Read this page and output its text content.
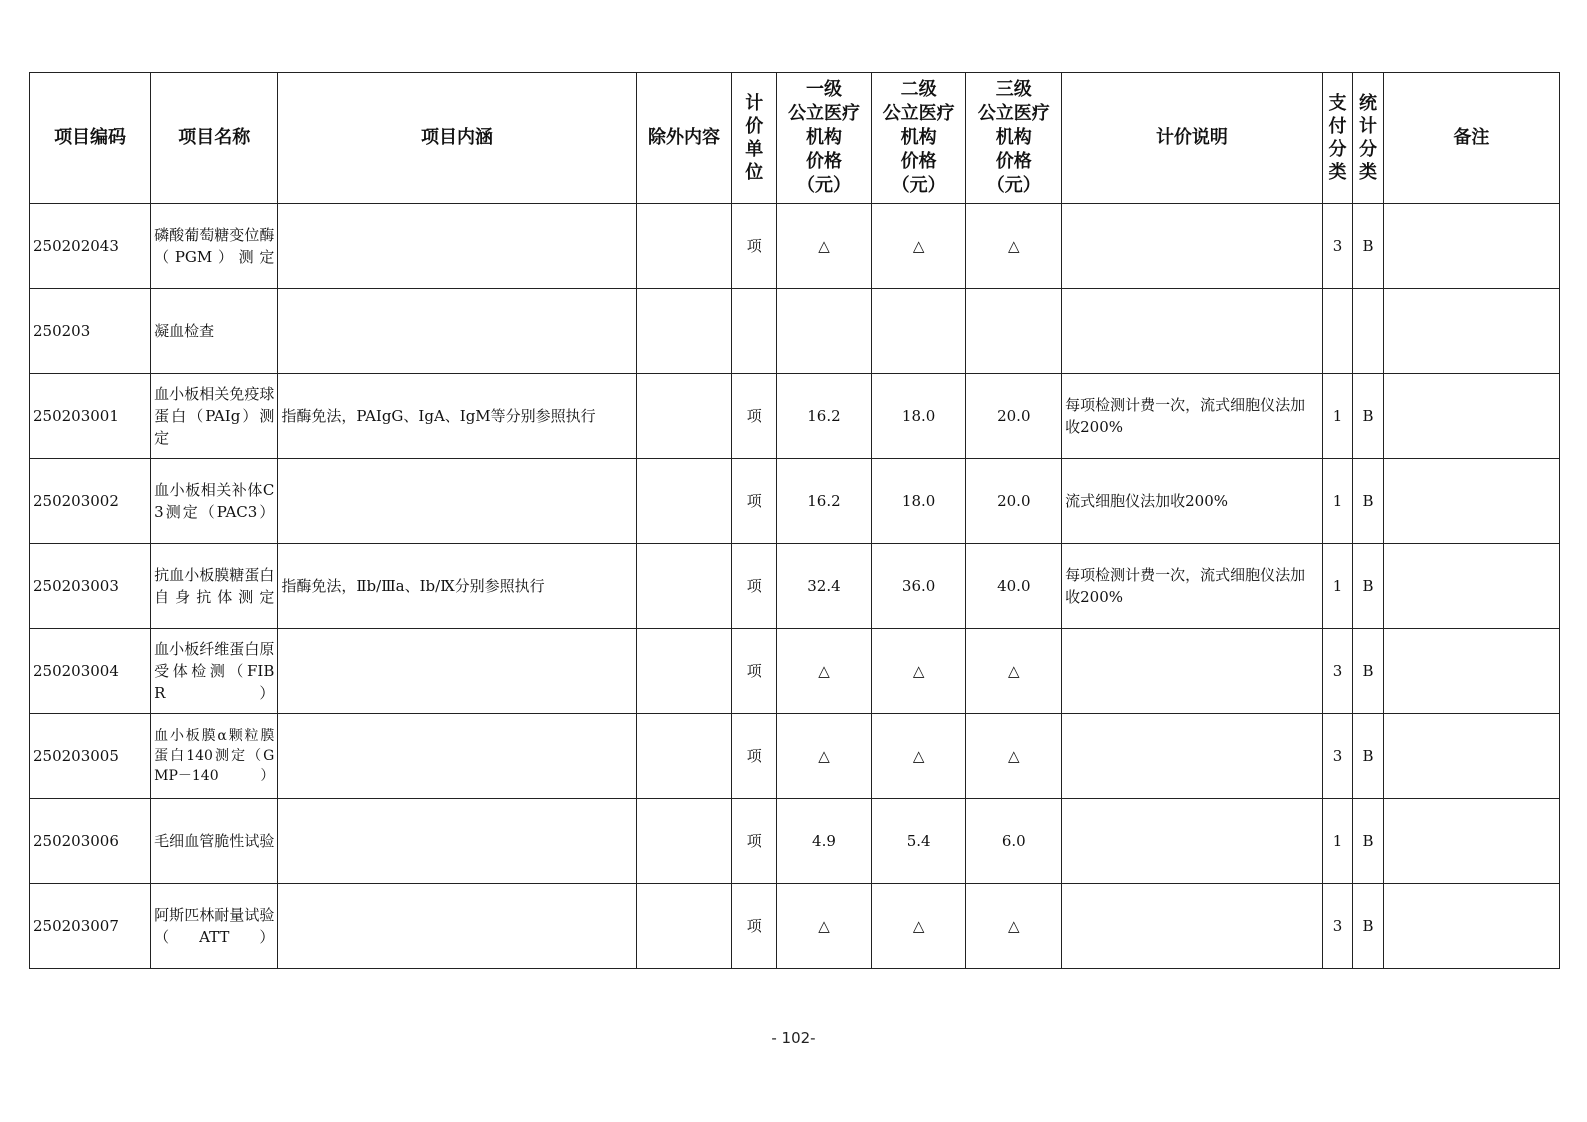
项目编码	项目名称	项目内涵	除外内容	计价单位	一级
公立医疗
机构
价格
（元）	二级
公立医疗
机构
价格
（元）	三级
公立医疗
机构
价格
（元）	计价说明	支付分类	统计分类	备注
250202043	磷酸葡萄糖变位酶（PGM）测定			项	△	△	△		3	B	
250203	凝血检查										

250203001	血小板相关免疫球蛋白（PAIg）测定	指酶免法，PAIgG、IgA、IgM等分别参照执行		项	16.2	18.0	20.0	每项检测计费一次，流式细胞仪法加收200%	1	B	
250203002	血小板相关补体C3测定（PAC3）			项	16.2	18.0	20.0	流式细胞仪法加收200%	1	B	
250203003	抗血小板膜糖蛋白自身抗体测定	指酶免法，Ⅱb/Ⅲa、Ⅰb/Ⅸ分别参照执行		项	32.4	36.0	40.0	每项检测计费一次，流式细胞仪法加收200%	1	B	
250203004	血小板纤维蛋白原受体检测（FIBR）			项	△	△	△		3	B	
250203005	血小板膜α颗粒膜蛋白140测定（GMP－140）			项	△	△	△		3	B	
250203006	毛细血管脆性试验			项	4.9	5.4	6.0		1	B	
250203007	阿斯匹林耐量试验（ATT）			项	△	△	△		3	B	
- 102-
